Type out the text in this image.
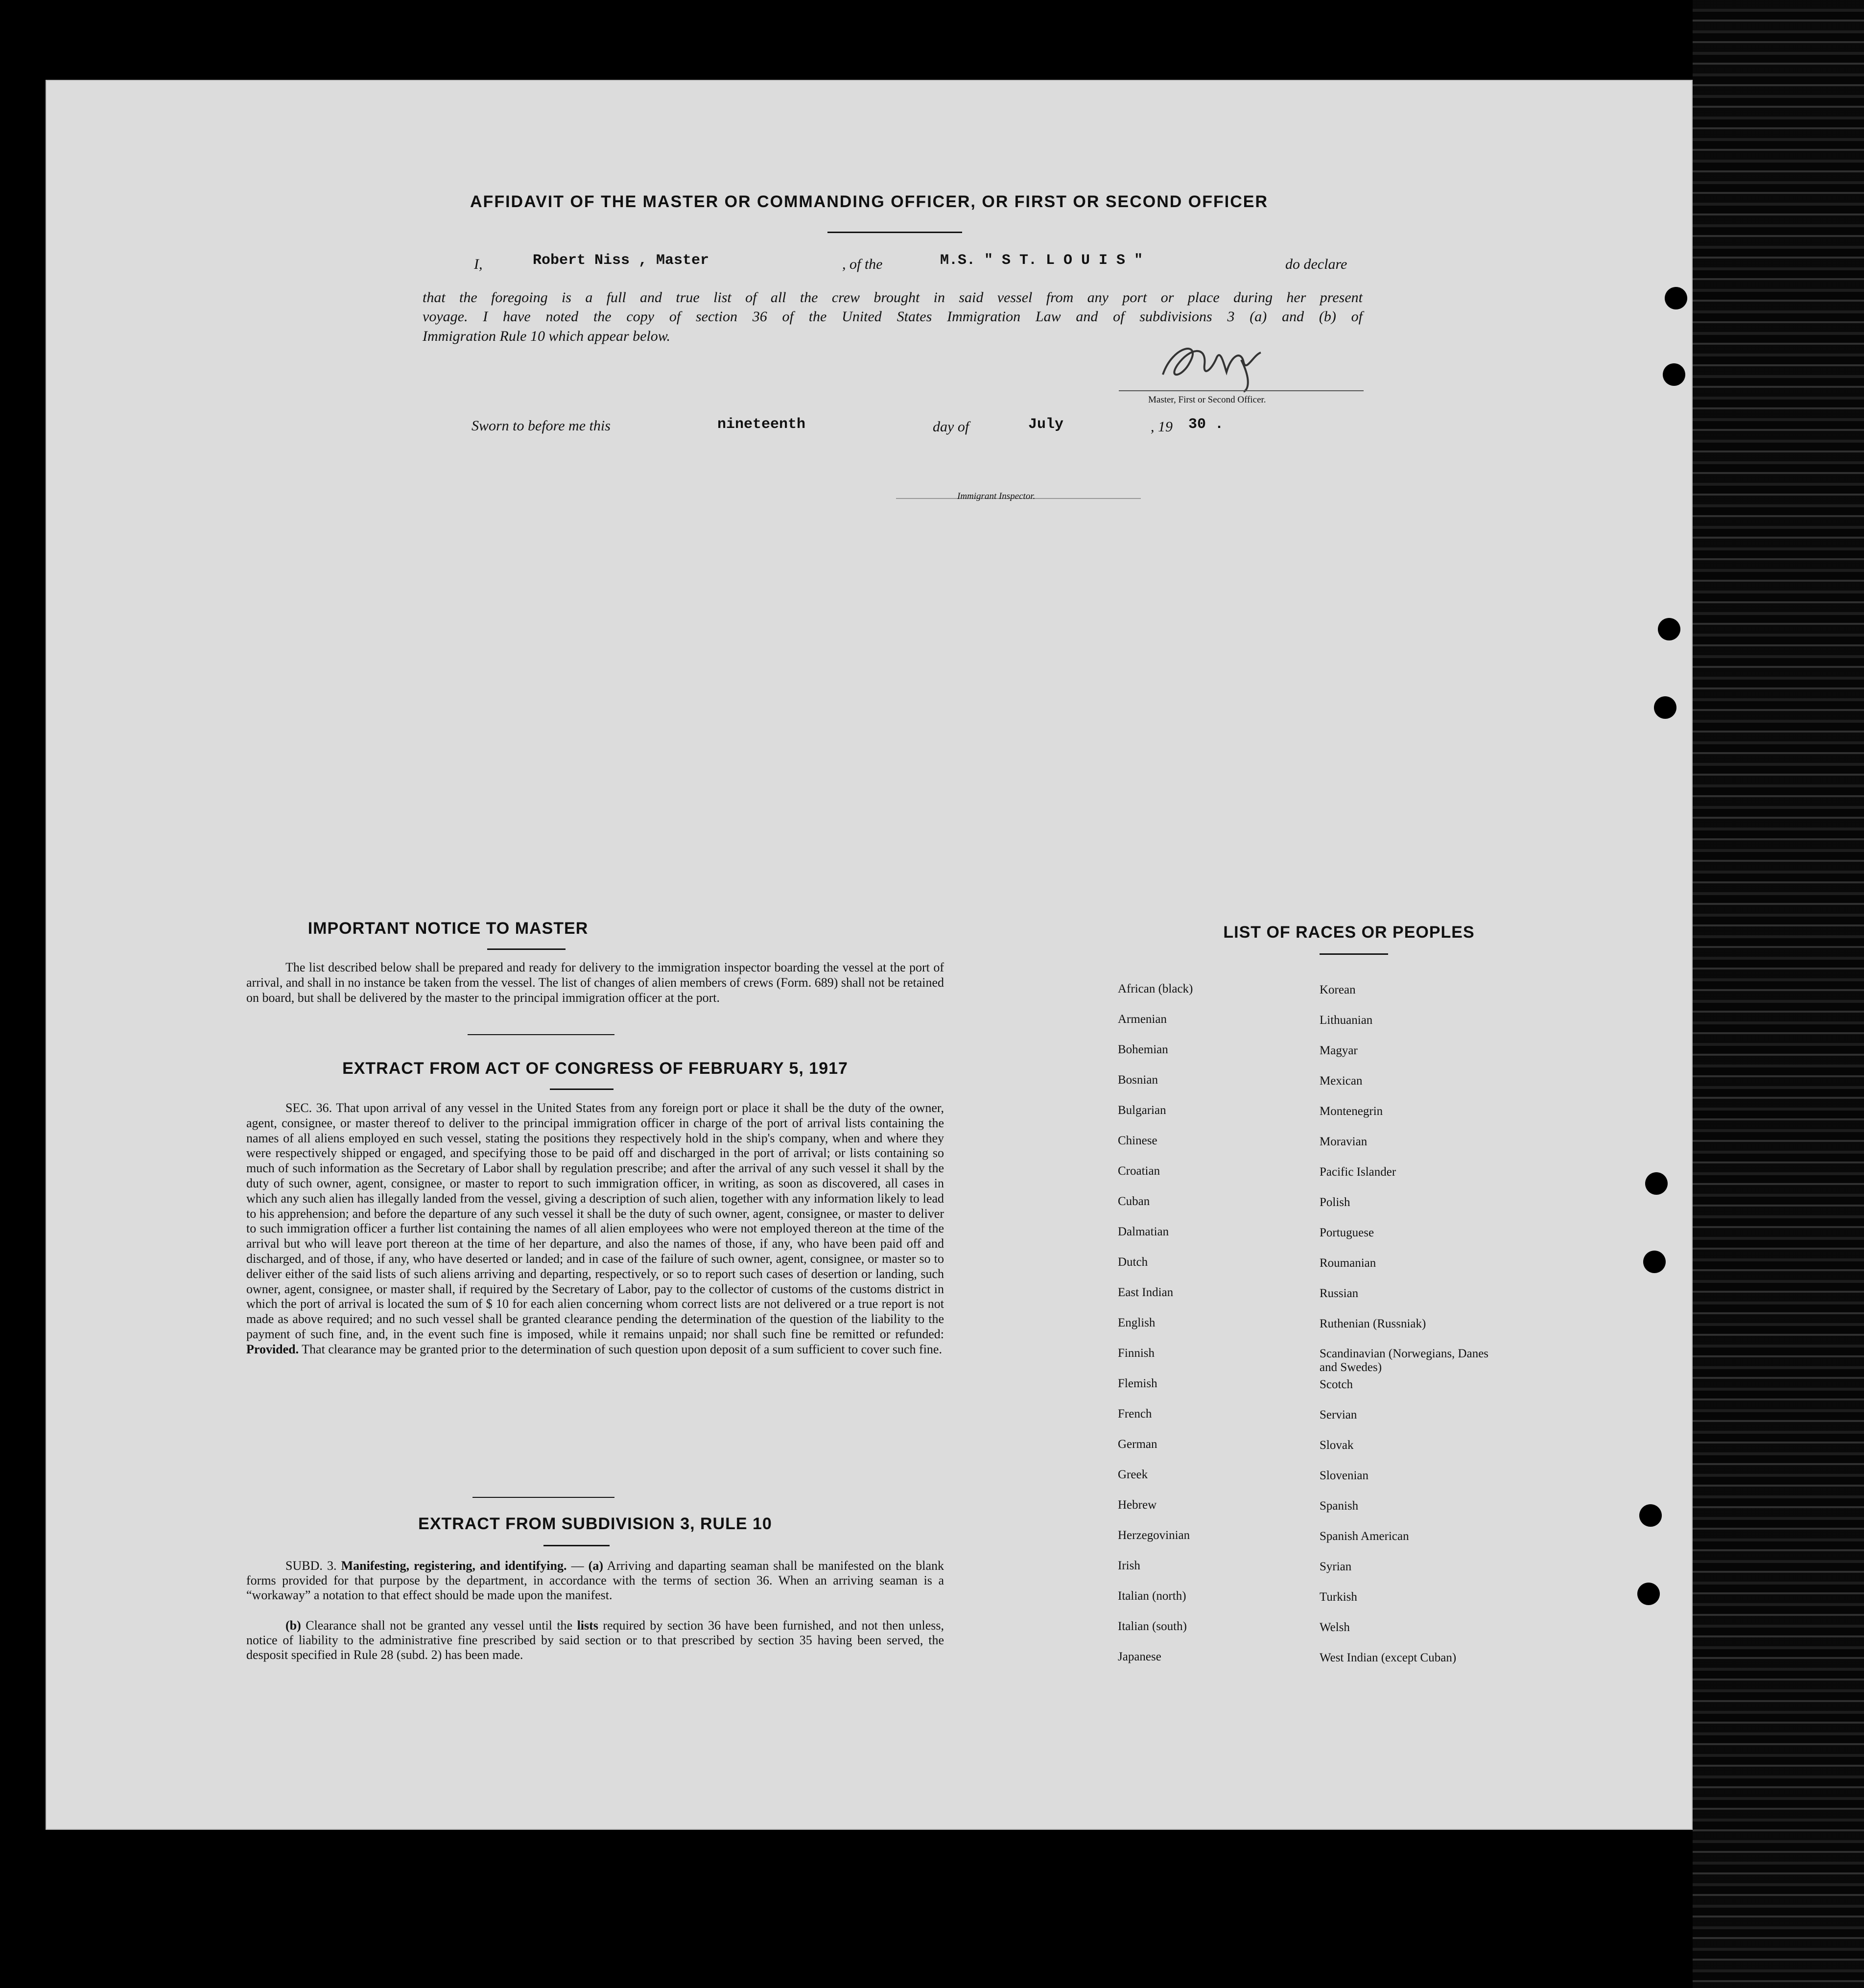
AFFIDAVIT OF THE MASTER OR COMMANDING OFFICER, OR FIRST OR SECOND OFFICER
I,	Robert Niss , Master	, of the	M.S. " S T. L O U I S "	do declare
that the foregoing is a full and true list of all the crew brought in said vessel from any port or place during her present
voyage. I have noted the copy of section 36 of the United States Immigration Law and of subdivisions 3 (a) and (b) of
Immigration Rule 10 which appear below.
Master, First or Second Officer.
Sworn to before me this	nineteenth	day of	July	, 19 30 .
Immigrant Inspector.
IMPORTANT NOTICE TO MASTER
The list described below shall be prepared and ready for delivery to the immigration inspector boarding the vessel at the port of arrival, and shall in no instance be taken from the vessel. The list of changes of alien members of crews (Form. 689) shall not be retained on board, but shall be delivered by the master to the principal immigration officer at the port.
EXTRACT FROM ACT OF CONGRESS OF FEBRUARY 5, 1917
SEC. 36. That upon arrival of any vessel in the United States from any foreign port or place it shall be the duty of the owner, agent, consignee, or master thereof to deliver to the principal immigration officer in charge of the port of arrival lists containing the names of all aliens employed en such vessel, stating the positions they respectively hold in the ship's company, when and where they were respectively shipped or engaged, and specifying those to be paid off and discharged in the port of arrival; or lists containing so much of such information as the Secretary of Labor shall by regulation prescribe; and after the arrival of any such vessel it shall by the duty of such owner, agent, consignee, or master to report to such immigration officer, in writing, as soon as discovered, all cases in which any such alien has illegally landed from the vessel, giving a description of such alien, together with any information likely to lead to his apprehension; and before the departure of any such vessel it shall be the duty of such owner, agent, consignee, or master to deliver to such immigration officer a further list containing the names of all alien employees who were not employed thereon at the time of the arrival but who will leave port thereon at the time of her departure, and also the names of those, if any, who have been paid off and discharged, and of those, if any, who have deserted or landed; and in case of the failure of such owner, agent, consignee, or master so to deliver either of the said lists of such aliens arriving and departing, respectively, or so to report such cases of desertion or landing, such owner, agent, consignee, or master shall, if required by the Secretary of Labor, pay to the collector of customs of the customs district in which the port of arrival is located the sum of $ 10 for each alien concerning whom correct lists are not delivered or a true report is not made as above required; and no such vessel shall be granted clearance pending the determination of the question of the liability to the payment of such fine, and, in the event such fine is imposed, while it remains unpaid; nor shall such fine be remitted or refunded: Provided. That clearance may be granted prior to the determination of such question upon deposit of a sum sufficient to cover such fine.
EXTRACT FROM SUBDIVISION 3, RULE 10
SUBD. 3. Manifesting, registering, and identifying. — (a) Arriving and daparting seaman shall be manifested on the blank forms provided for that purpose by the department, in accordance with the terms of section 36. When an arriving seaman is a “workaway” a notation to that effect should be made upon the manifest.
(b) Clearance shall not be granted any vessel until the lists required by section 36 have been furnished, and not then unless, notice of liability to the administrative fine prescribed by said section or to that prescribed by section 35 having been served, the desposit specified in Rule 28 (subd. 2) has been made.
LIST OF RACES OR PEOPLES
African (black)
Armenian
Bohemian
Bosnian
Bulgarian
Chinese
Croatian
Cuban
Dalmatian
Dutch
East Indian
English
Finnish
Flemish
French
German
Greek
Hebrew
Herzegovinian
Irish
Italian (north)
Italian (south)
Japanese
Korean
Lithuanian
Magyar
Mexican
Montenegrin
Moravian
Pacific Islander
Polish
Portuguese
Roumanian
Russian
Ruthenian (Russniak)
Scandinavian (Norwegians, Danes and Swedes)
Scotch
Servian
Slovak
Slovenian
Spanish
Spanish American
Syrian
Turkish
Welsh
West Indian (except Cuban)
